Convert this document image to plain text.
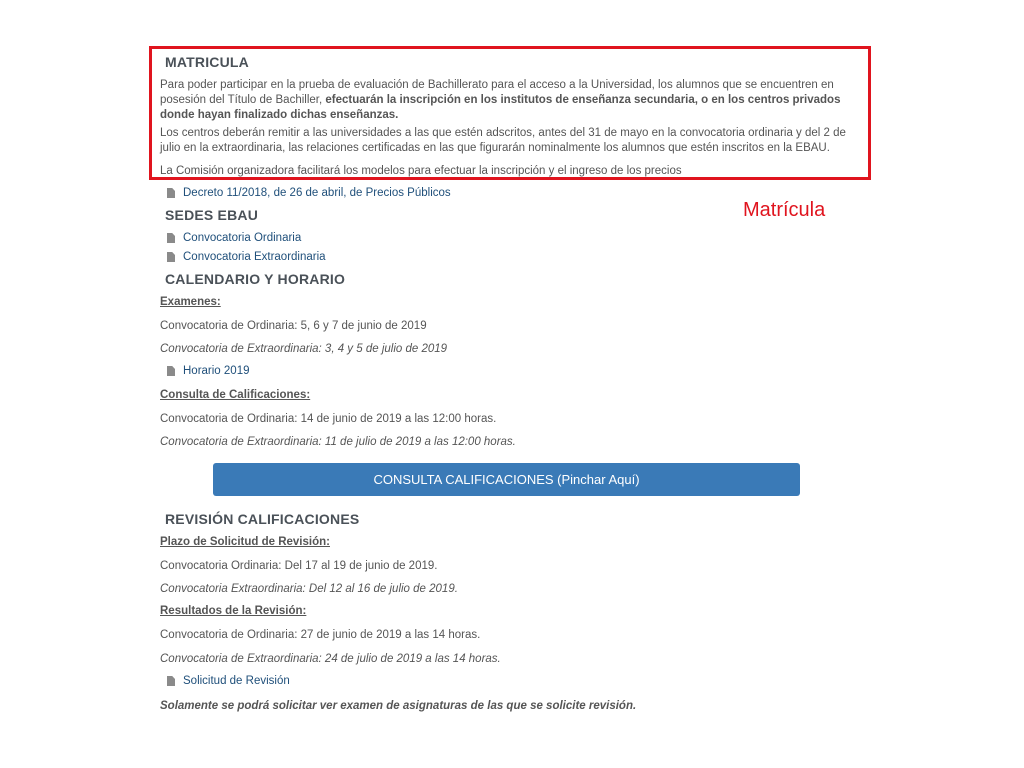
MATRICULA
Para poder participar en la prueba de evaluación de Bachillerato para el acceso a la Universidad, los alumnos que se encuentren en posesión del Título de Bachiller, efectuarán la inscripción en los institutos de enseñanza secundaria, o en los centros privados donde hayan finalizado dichas enseñanzas.
Los centros deberán remitir a las universidades a las que estén adscritos, antes del 31 de mayo en la convocatoria ordinaria y del 2 de julio en la extraordinaria, las relaciones certificadas en las que figurarán nominalmente los alumnos que estén inscritos en la EBAU.
La Comisión organizadora facilitará los modelos para efectuar la inscripción y el ingreso de los precios
Decreto 11/2018, de 26 de abril, de Precios Públicos
Matrícula
SEDES EBAU
Convocatoria Ordinaria
Convocatoria Extraordinaria
CALENDARIO Y HORARIO
Examenes:
Convocatoria de Ordinaria: 5, 6 y 7 de junio de 2019
Convocatoria de Extraordinaria: 3, 4 y 5 de julio de 2019
Horario 2019
Consulta de Calificaciones:
Convocatoria de Ordinaria: 14 de junio de 2019 a las 12:00 horas.
Convocatoria de Extraordinaria: 11 de julio de 2019 a las 12:00 horas.
CONSULTA CALIFICACIONES (Pinchar Aquí)
REVISIÓN CALIFICACIONES
Plazo de Solicitud de Revisión:
Convocatoria Ordinaria: Del 17 al 19 de junio de 2019.
Convocatoria Extraordinaria: Del 12 al 16 de julio de 2019.
Resultados de la Revisión:
Convocatoria de Ordinaria: 27 de junio de 2019 a las 14 horas.
Convocatoria de Extraordinaria: 24 de julio de 2019 a las 14 horas.
Solicitud de Revisión
Solamente se podrá solicitar ver examen de asignaturas de las que se solicite revisión.
